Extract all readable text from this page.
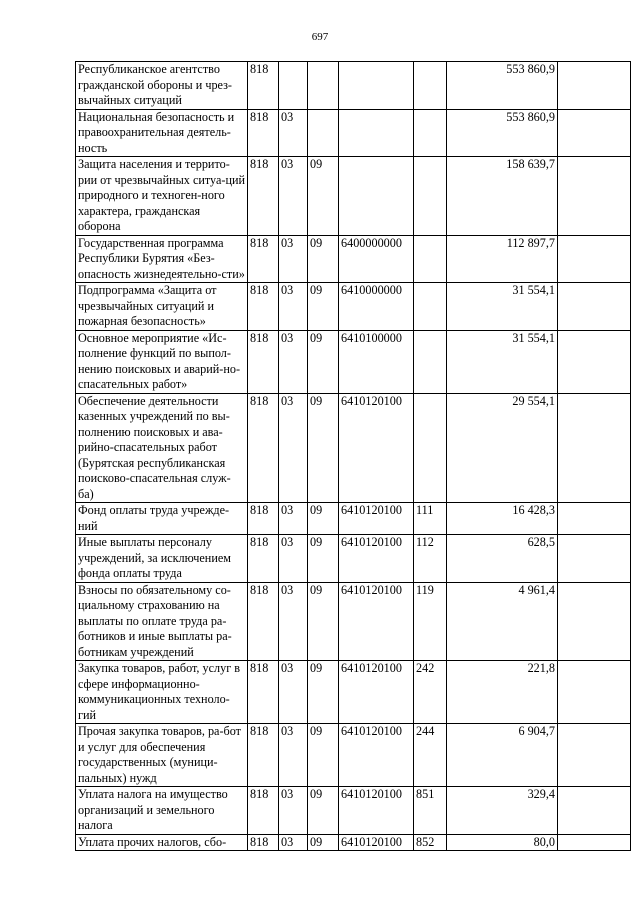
697
Республиканское агентство гражданской обороны и чрез-вычайных ситуаций	818					553 860,9	
Национальная безопасность и правоохранительная деятель-ность	818	03				553 860,9	
Защита населения и террито-рии от чрезвычайных ситуа-ций природного и техноген-ного характера, гражданская оборона	818	03	09			158 639,7	
Государственная программа Республики Бурятия «Без-опасность жизнедеятельно-сти»	818	03	09	6400000000		112 897,7	
Подпрограмма «Защита от чрезвычайных ситуаций и пожарная безопасность»	818	03	09	6410000000		31 554,1	
Основное мероприятие «Ис-полнение функций по выпол-нению поисковых и аварий-но-спасательных работ»	818	03	09	6410100000		31 554,1	
Обеспечение деятельности казенных учреждений по вы-полнению поисковых и ава-рийно-спасательных работ (Бурятская республиканская поисково-спасательная служ-ба)	818	03	09	6410120100		29 554,1	
Фонд оплаты труда учрежде-ний	818	03	09	6410120100	111	16 428,3	
Иные выплаты персоналу учреждений, за исключением фонда оплаты труда	818	03	09	6410120100	112	628,5	
Взносы по обязательному со-циальному страхованию на выплаты по оплате труда ра-ботников и иные выплаты ра-ботникам учреждений	818	03	09	6410120100	119	4 961,4	
Закупка товаров, работ, услуг в сфере информационно-коммуникационных техноло-гий	818	03	09	6410120100	242	221,8	
Прочая закупка товаров, ра-бот и услуг для обеспечения государственных (муници-пальных) нужд	818	03	09	6410120100	244	6 904,7	
Уплата налога на имущество организаций и земельного налога	818	03	09	6410120100	851	329,4	
Уплата прочих налогов, сбо-	818	03	09	6410120100	852	80,0	
